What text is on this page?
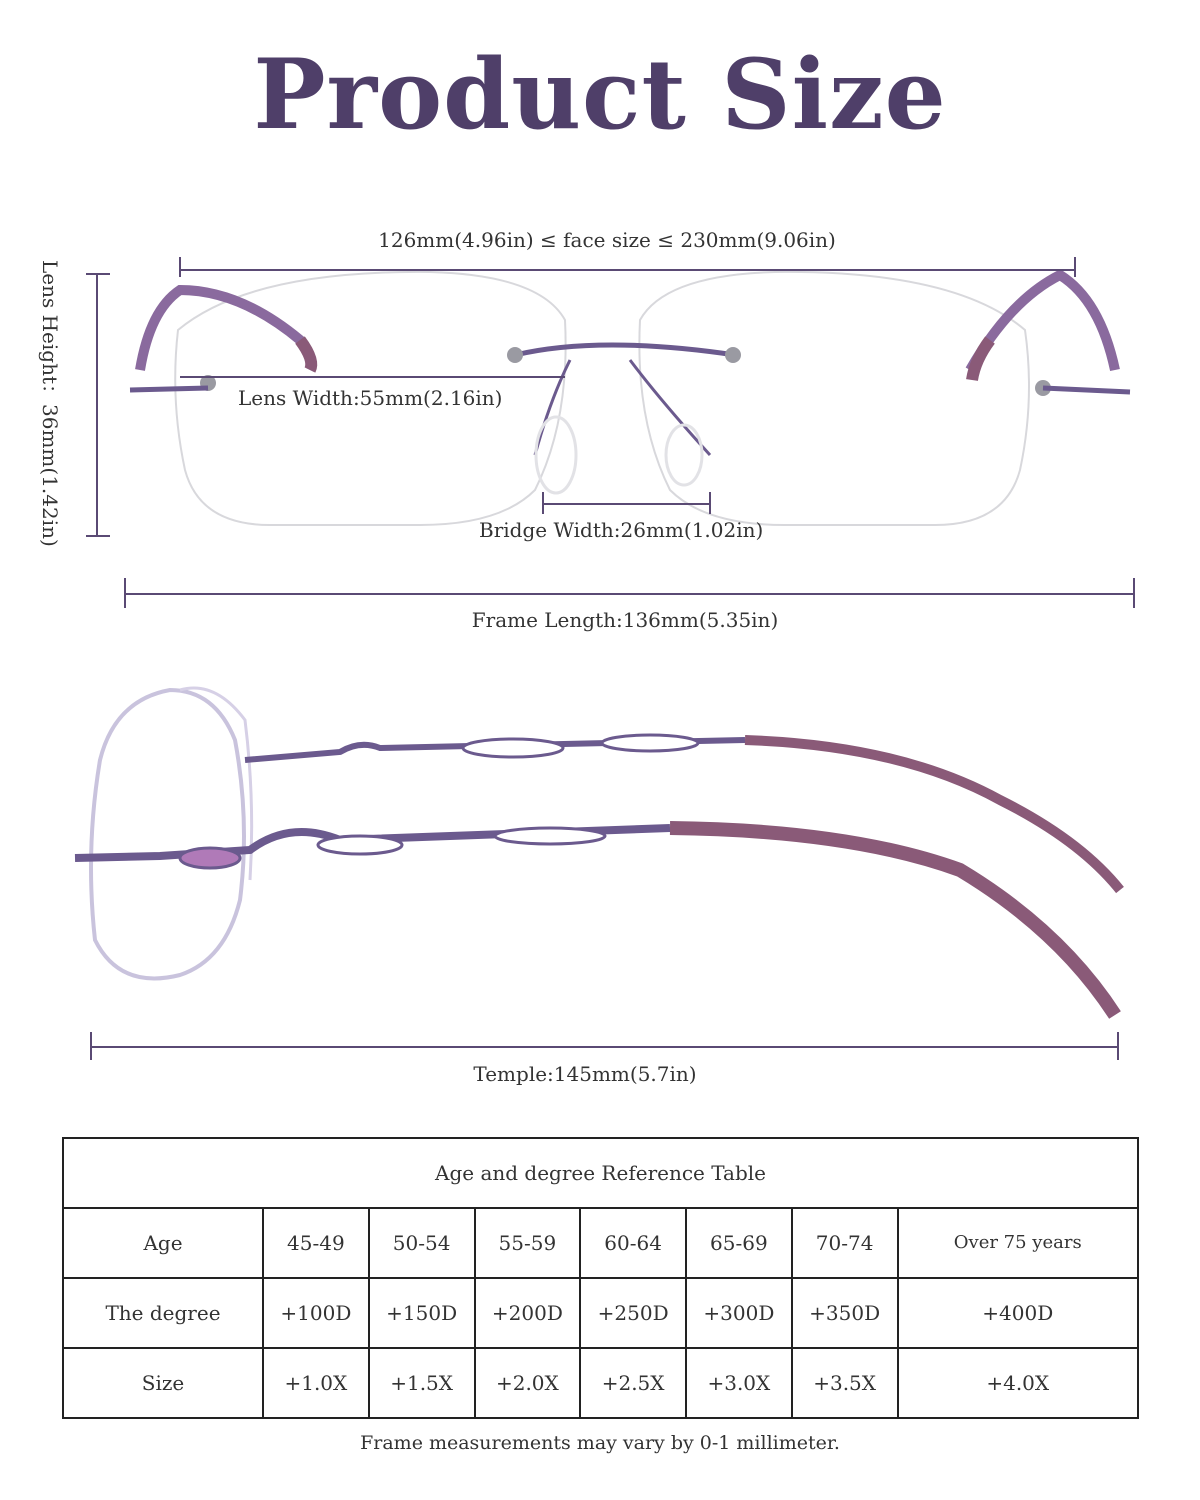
Product Size
126mm(4.96in) ≤ face size ≤ 230mm(9.06in)
Lens Height：36mm(1.42in)	Lens Width:55mm(2.16in)
Bridge Width:26mm(1.02in)
Frame Length:136mm(5.35in)
Temple:145mm(5.7in)
Age and degree Reference Table							
Age	45-49	50-54	55-59	60-64	65-69	70-74	Over 75 years
The degree	+100D	+150D	+200D	+250D	+300D	+350D	+400D
Size	+1.0X	+1.5X	+2.0X	+2.5X	+3.0X	+3.5X	+4.0X
Frame measurements may vary by 0-1 millimeter.
